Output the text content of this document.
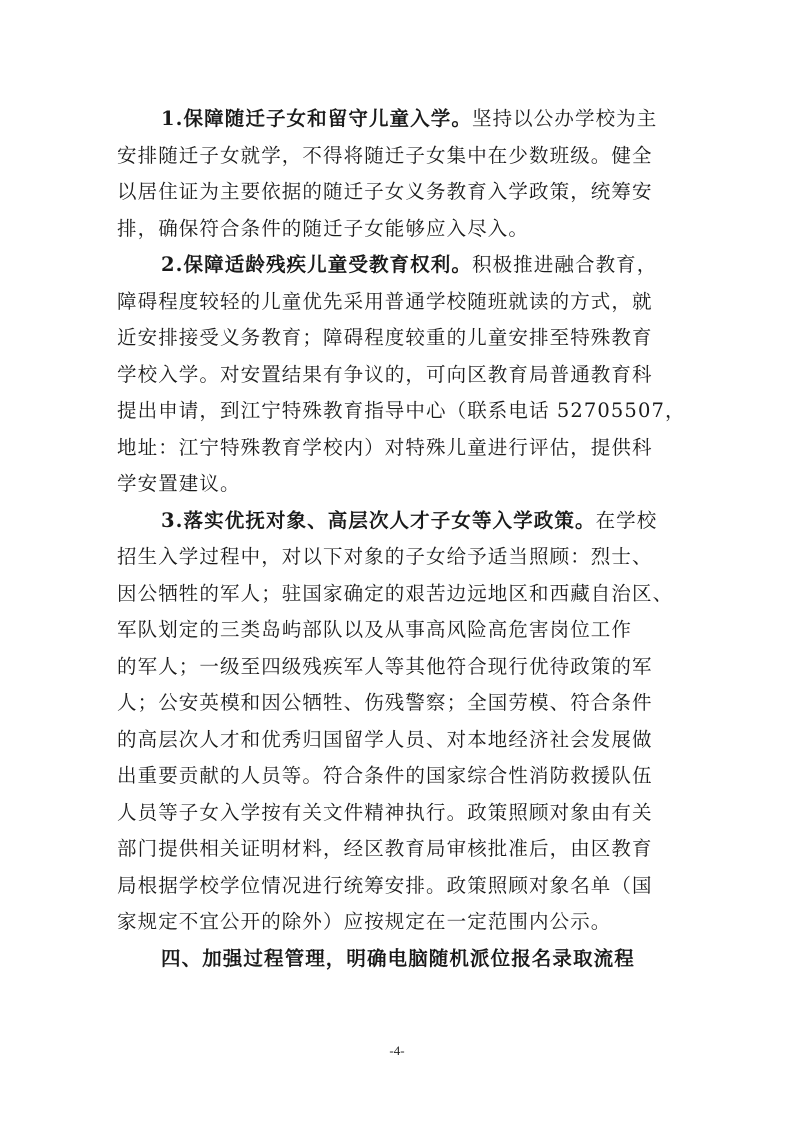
1.保障随迁子女和留守儿童入学。坚持以公办学校为主
安排随迁子女就学，不得将随迁子女集中在少数班级。健全
以居住证为主要依据的随迁子女义务教育入学政策，统筹安
排，确保符合条件的随迁子女能够应入尽入。
2.保障适龄残疾儿童受教育权利。积极推进融合教育，
障碍程度较轻的儿童优先采用普通学校随班就读的方式，就
近安排接受义务教育；障碍程度较重的儿童安排至特殊教育
学校入学。对安置结果有争议的，可向区教育局普通教育科
提出申请，到江宁特殊教育指导中心（联系电话 52705507，
地址：江宁特殊教育学校内）对特殊儿童进行评估，提供科
学安置建议。
3.落实优抚对象、高层次人才子女等入学政策。在学校
招生入学过程中，对以下对象的子女给予适当照顾：烈士、
因公牺牲的军人；驻国家确定的艰苦边远地区和西藏自治区、
军队划定的三类岛屿部队以及从事高风险高危害岗位工作
的军人；一级至四级残疾军人等其他符合现行优待政策的军
人；公安英模和因公牺牲、伤残警察；全国劳模、符合条件
的高层次人才和优秀归国留学人员、对本地经济社会发展做
出重要贡献的人员等。符合条件的国家综合性消防救援队伍
人员等子女入学按有关文件精神执行。政策照顾对象由有关
部门提供相关证明材料，经区教育局审核批准后，由区教育
局根据学校学位情况进行统筹安排。政策照顾对象名单（国
家规定不宜公开的除外）应按规定在一定范围内公示。
四、加强过程管理，明确电脑随机派位报名录取流程
-4-
